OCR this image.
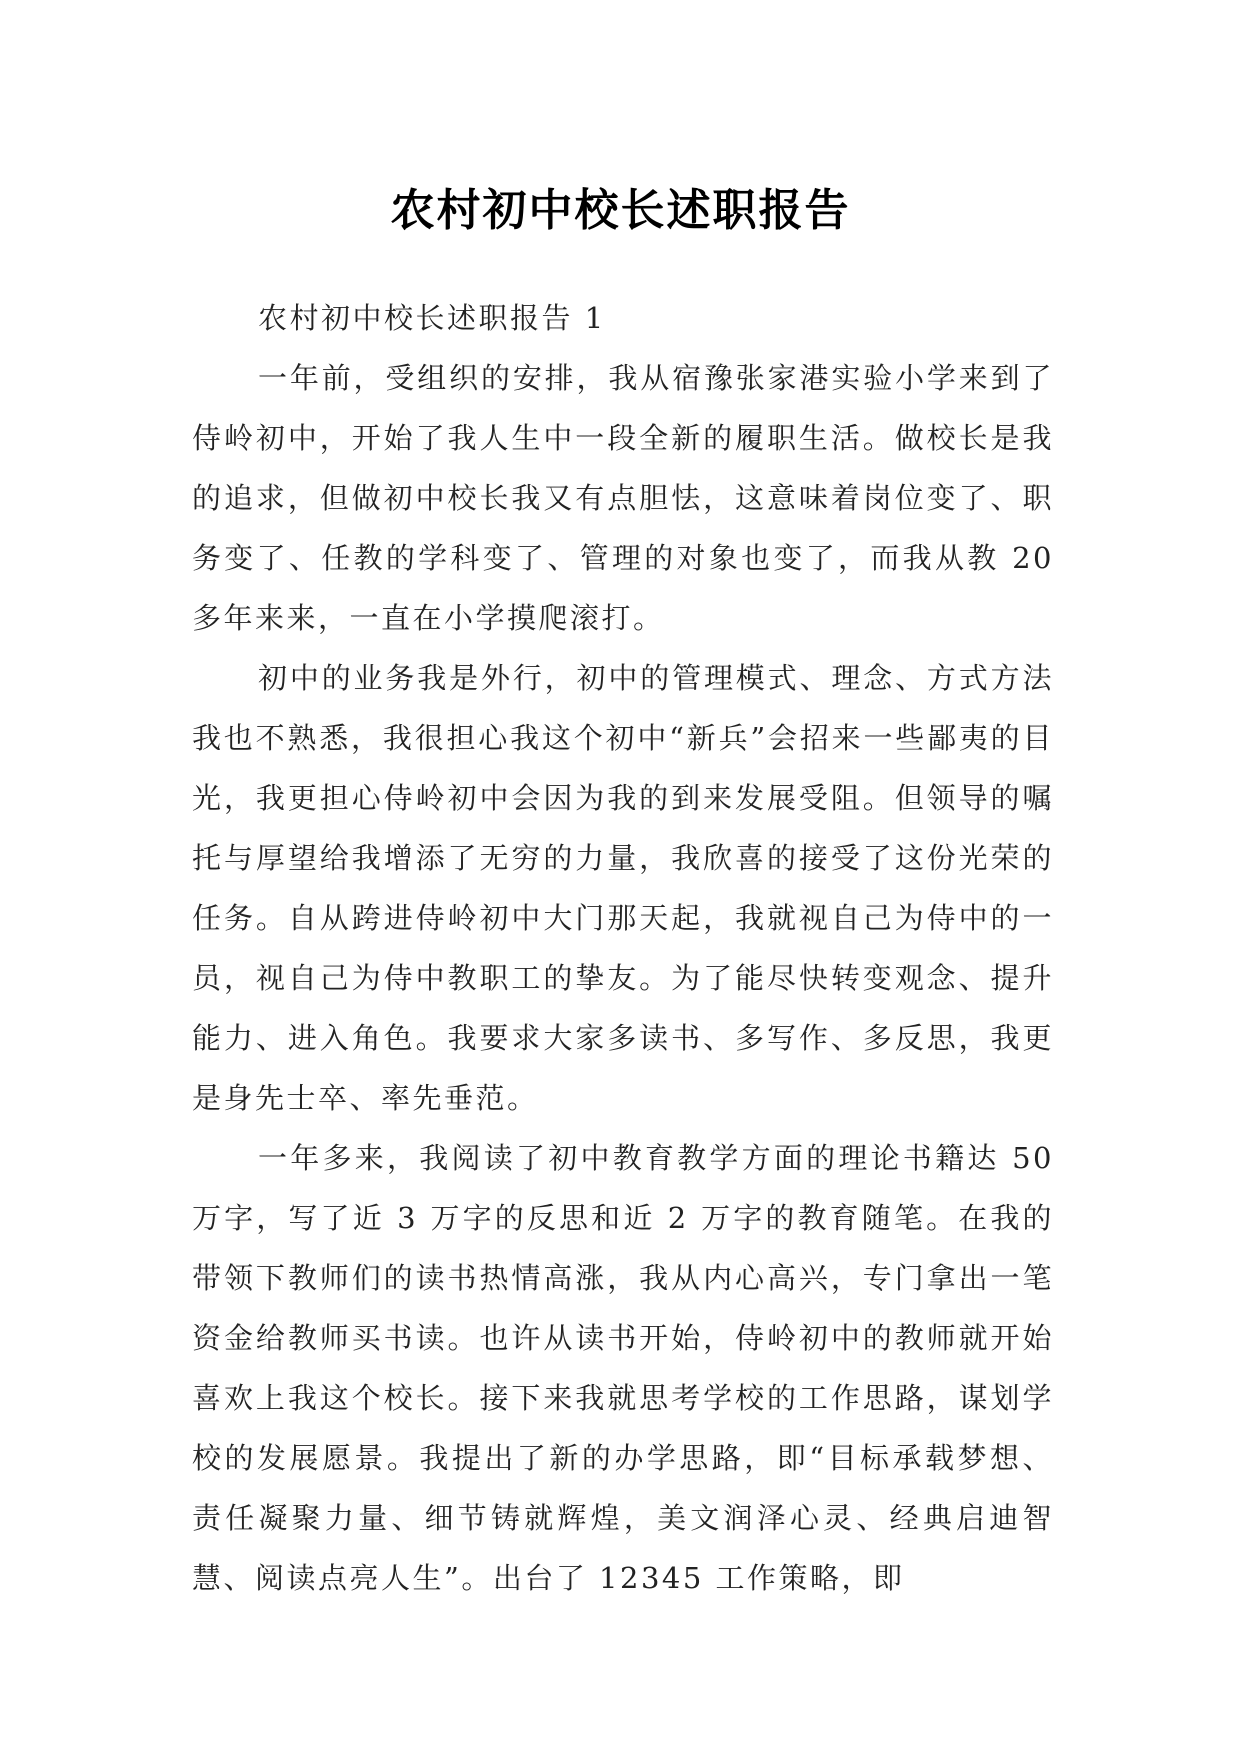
农村初中校长述职报告

农村初中校长述职报告 1

一年前，受组织的安排，我从宿豫张家港实验小学来到了侍岭初中，开始了我人生中一段全新的履职生活。做校长是我的追求，但做初中校长我又有点胆怯，这意味着岗位变了、职务变了、任教的学科变了、管理的对象也变了，而我从教 20 多年来来，一直在小学摸爬滚打。

初中的业务我是外行，初中的管理模式、理念、方式方法我也不熟悉，我很担心我这个初中“新兵”会招来一些鄙夷的目光，我更担心侍岭初中会因为我的到来发展受阻。但领导的嘱托与厚望给我增添了无穷的力量，我欣喜的接受了这份光荣的任务。自从跨进侍岭初中大门那天起，我就视自己为侍中的一员，视自己为侍中教职工的挚友。为了能尽快转变观念、提升能力、进入角色。我要求大家多读书、多写作、多反思，我更是身先士卒、率先垂范。

一年多来，我阅读了初中教育教学方面的理论书籍达 50 万字，写了近 3 万字的反思和近 2 万字的教育随笔。在我的带领下教师们的读书热情高涨，我从内心高兴，专门拿出一笔资金给教师买书读。也许从读书开始，侍岭初中的教师就开始喜欢上我这个校长。接下来我就思考学校的工作思路，谋划学校的发展愿景。我提出了新的办学思路，即“目标承载梦想、责任凝聚力量、细节铸就辉煌，美文润泽心灵、经典启迪智慧、阅读点亮人生”。出台了 12345 工作策略，即
